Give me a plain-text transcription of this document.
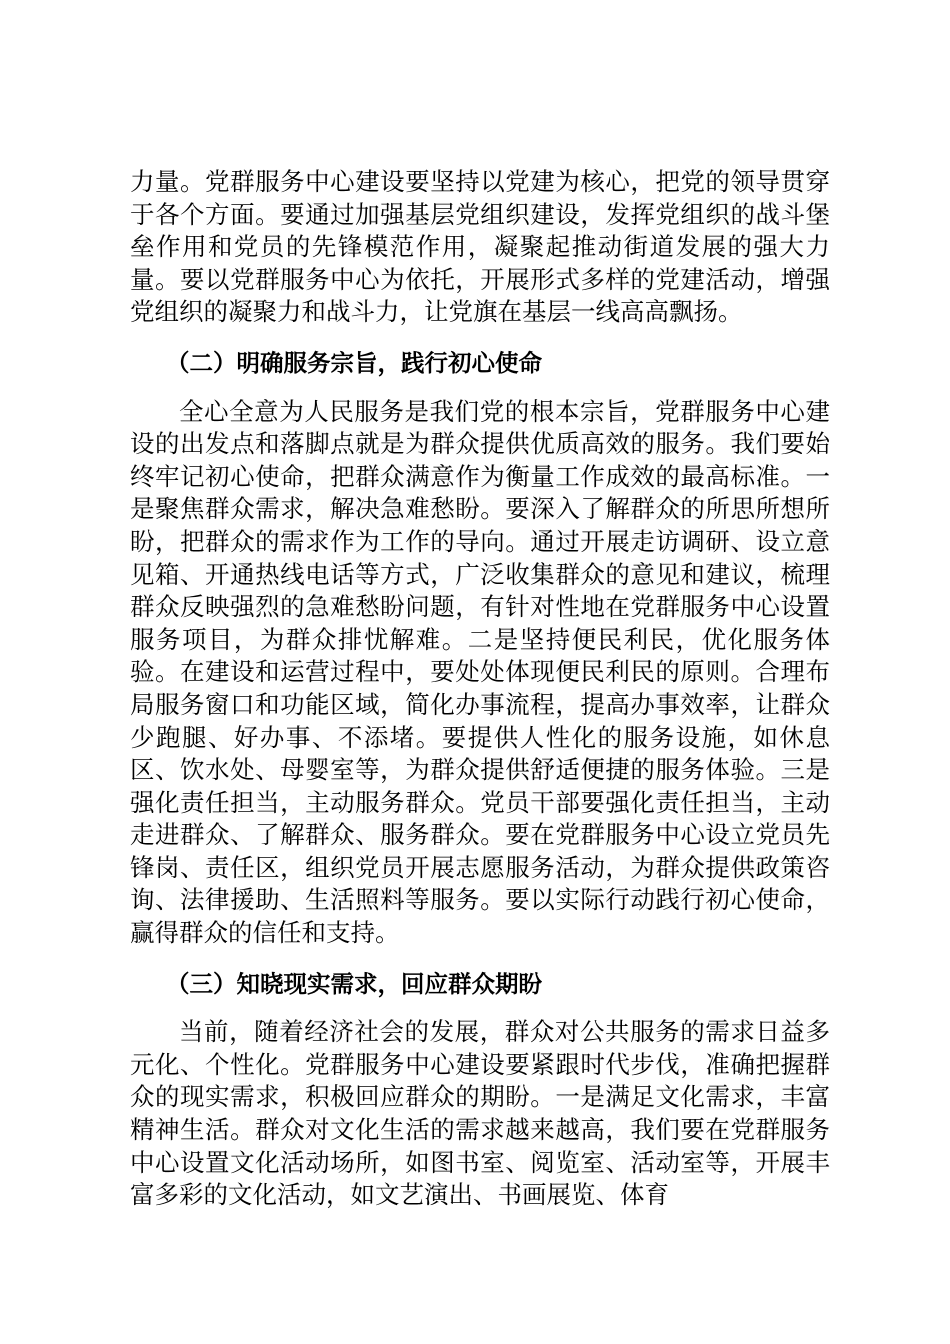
力量。党群服务中心建设要坚持以党建为核心，把党的领导贯穿于各个方面。要通过加强基层党组织建设，发挥党组织的战斗堡垒作用和党员的先锋模范作用，凝聚起推动街道发展的强大力量。要以党群服务中心为依托，开展形式多样的党建活动，增强党组织的凝聚力和战斗力，让党旗在基层一线高高飘扬。

（二）明确服务宗旨，践行初心使命

全心全意为人民服务是我们党的根本宗旨，党群服务中心建设的出发点和落脚点就是为群众提供优质高效的服务。我们要始终牢记初心使命，把群众满意作为衡量工作成效的最高标准。一是聚焦群众需求，解决急难愁盼。要深入了解群众的所思所想所盼，把群众的需求作为工作的导向。通过开展走访调研、设立意见箱、开通热线电话等方式，广泛收集群众的意见和建议，梳理群众反映强烈的急难愁盼问题，有针对性地在党群服务中心设置服务项目，为群众排忧解难。二是坚持便民利民，优化服务体验。在建设和运营过程中，要处处体现便民利民的原则。合理布局服务窗口和功能区域，简化办事流程，提高办事效率，让群众少跑腿、好办事、不添堵。要提供人性化的服务设施，如休息区、饮水处、母婴室等，为群众提供舒适便捷的服务体验。三是强化责任担当，主动服务群众。党员干部要强化责任担当，主动走进群众、了解群众、服务群众。要在党群服务中心设立党员先锋岗、责任区，组织党员开展志愿服务活动，为群众提供政策咨询、法律援助、生活照料等服务。要以实际行动践行初心使命，赢得群众的信任和支持。

（三）知晓现实需求，回应群众期盼

当前，随着经济社会的发展，群众对公共服务的需求日益多元化、个性化。党群服务中心建设要紧跟时代步伐，准确把握群众的现实需求，积极回应群众的期盼。一是满足文化需求，丰富精神生活。群众对文化生活的需求越来越高，我们要在党群服务中心设置文化活动场所，如图书室、阅览室、活动室等，开展丰富多彩的文化活动，如文艺演出、书画展览、体育
